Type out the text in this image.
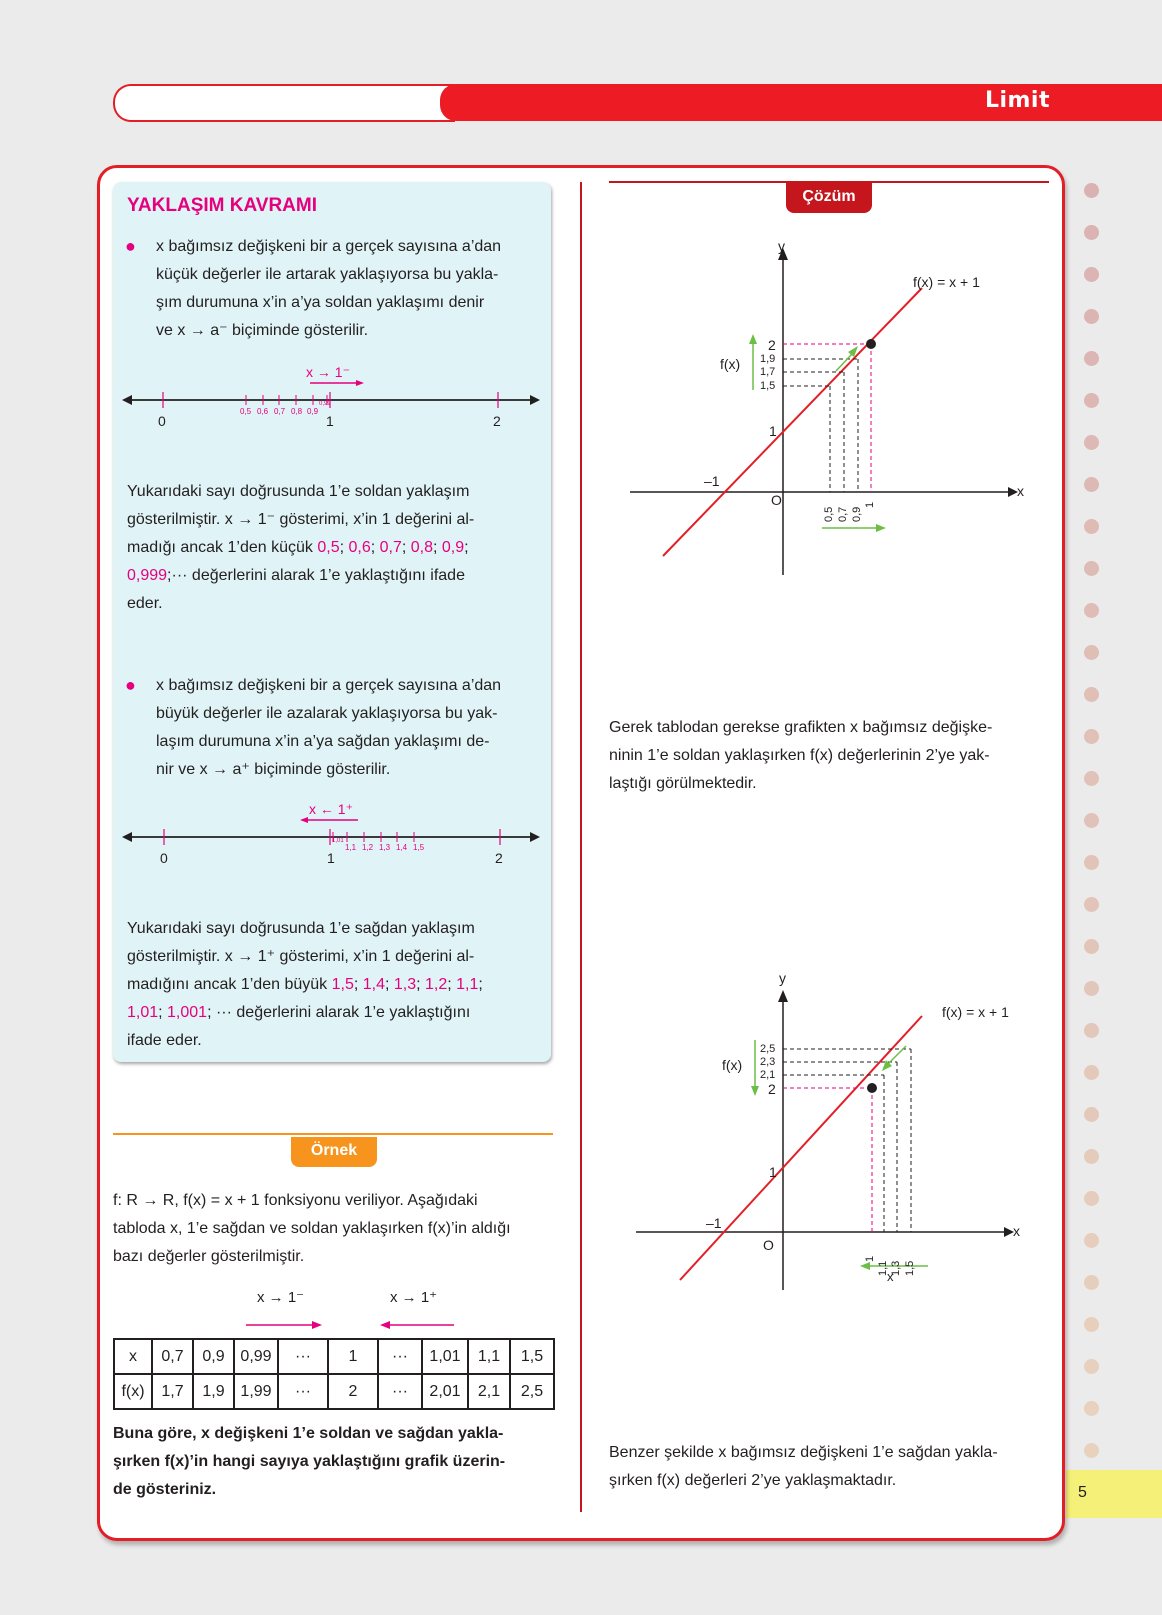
Limit
5
YAKLAŞIM KAVRAMI
● x bağımsız değişkeni bir a gerçek sayısına a’dan
küçük değerler ile artarak yaklaşıyorsa bu yakla-
şım durumuna x’in a’ya soldan yaklaşımı denir
ve x → a⁻ biçiminde gösterilir.
x → 1⁻
0	1	2
0,5 0,6 0,7 0,8 0,9
0,99
Yukarıdaki sayı doğrusunda 1’e soldan yaklaşım
gösterilmiştir. x → 1⁻ gösterimi, x’in 1 değerini al-
madığı ancak 1’den küçük 0,5; 0,6; 0,7; 0,8; 0,9;
0,999;··· değerlerini alarak 1’e yaklaştığını ifade
eder.
● x bağımsız değişkeni bir a gerçek sayısına a’dan
büyük değerler ile azalarak yaklaşıyorsa bu yak-
laşım durumuna x’in a’ya sağdan yaklaşımı de-
nir ve x → a⁺ biçiminde gösterilir.
x ← 1⁺
0	1	2
1,01
1,1 1,2 1,3 1,4 1,5
Yukarıdaki sayı doğrusunda 1’e sağdan yaklaşım
gösterilmiştir. x → 1⁺ gösterimi, x’in 1 değerini al-
madığını ancak 1’den büyük 1,5; 1,4; 1,3; 1,2; 1,1;
1,01; 1,001; ··· değerlerini alarak 1’e yaklaştığını
ifade eder.
Örnek
f: R → R, f(x) = x + 1 fonksiyonu veriliyor. Aşağıdaki
tabloda x, 1’e sağdan ve soldan yaklaşırken f(x)’in aldığı
bazı değerler gösterilmiştir.
x → 1⁻	x → 1⁺
x	0,7	0,9	0,99	···	1	···	1,01	1,1	1,5
f(x)	1,7	1,9	1,99	···	2	···	2,01	2,1	2,5
Buna göre, x değişkeni 1’e soldan ve sağdan yakla-
şırken f(x)’in hangi sayıya yaklaştığını grafik üzerin-
de gösteriniz.
Çözüm
y
x
O
f(x) = x + 1
f(x)
–1
2
1,9
1,7
1,5
1
0,5 0,7 0,9
1
Gerek tablodan gerekse grafikten x bağımsız değişke-
ninin 1’e soldan yaklaşırken f(x) değerlerinin 2’ye yak-
laştığı görülmektedir.
y
x
O
f(x) = x + 1
f(x)
–1
2,5
2,3
2,1
2
1
1
1,1 1,3 1,5
x
Benzer şekilde x bağımsız değişkeni 1’e sağdan yakla-
şırken f(x) değerleri 2’ye yaklaşmaktadır.
